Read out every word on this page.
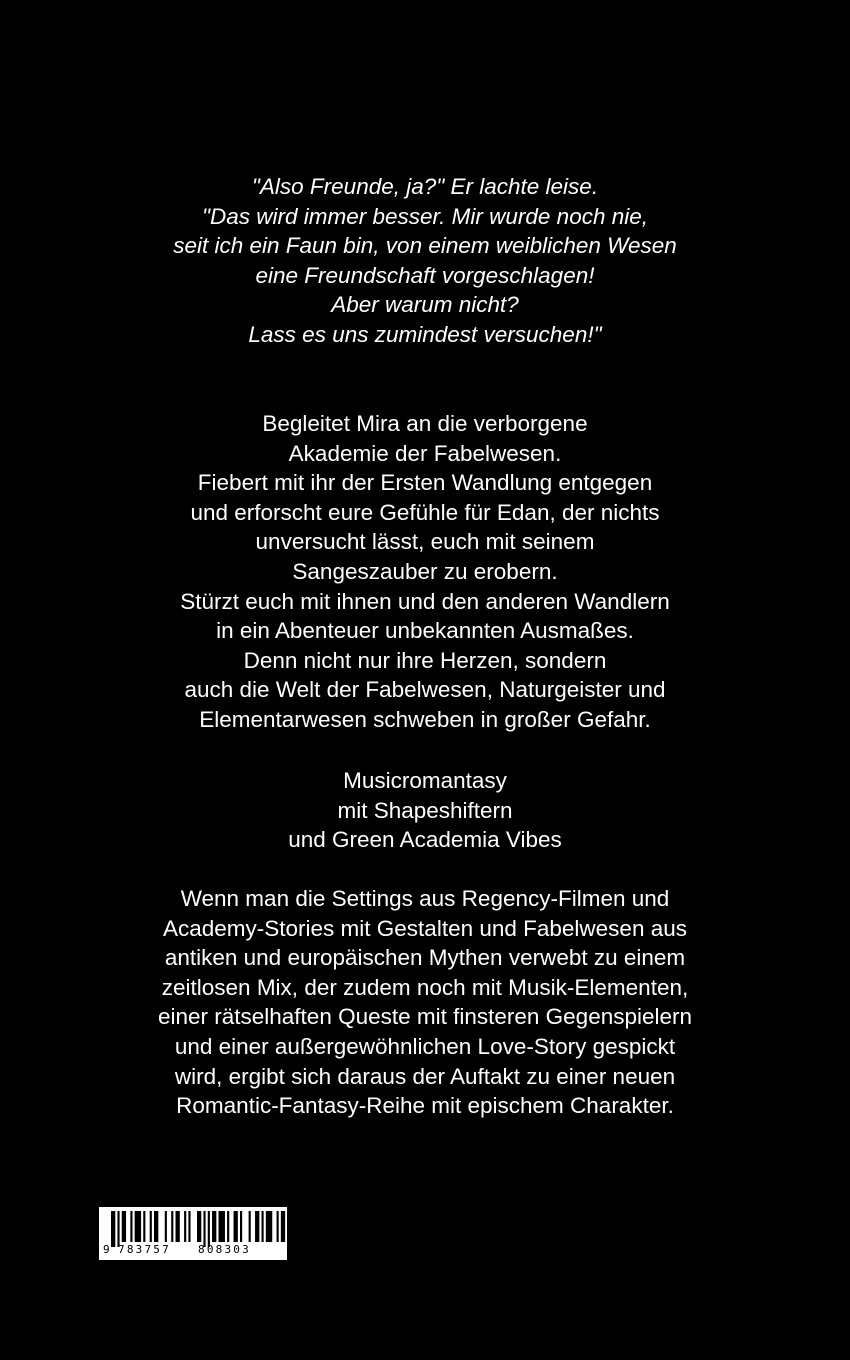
"Also Freunde, ja?" Er lachte leise.
"Das wird immer besser. Mir wurde noch nie,
seit ich ein Faun bin, von einem weiblichen Wesen
eine Freundschaft vorgeschlagen!
Aber warum nicht?
Lass es uns zumindest versuchen!"
Begleitet Mira an die verborgene
Akademie der Fabelwesen.
Fiebert mit ihr der Ersten Wandlung entgegen
und erforscht eure Gefühle für Edan, der nichts
unversucht lässt, euch mit seinem
Sangeszauber zu erobern.
Stürzt euch mit ihnen und den anderen Wandlern
in ein Abenteuer unbekannten Ausmaßes.
Denn nicht nur ihre Herzen, sondern
auch die Welt der Fabelwesen, Naturgeister und
Elementarwesen schweben in großer Gefahr.
Musicromantasy
mit Shapeshiftern
und Green Academia Vibes
Wenn man die Settings aus Regency-Filmen und
Academy-Stories mit Gestalten und Fabelwesen aus
antiken und europäischen Mythen verwebt zu einem
zeitlosen Mix, der zudem noch mit Musik-Elementen,
einer rätselhaften Queste mit finsteren Gegenspielern
und einer außergewöhnlichen Love-Story gespickt
wird, ergibt sich daraus der Auftakt zu einer neuen
Romantic-Fantasy-Reihe mit epischem Charakter.
9 783757 808303
